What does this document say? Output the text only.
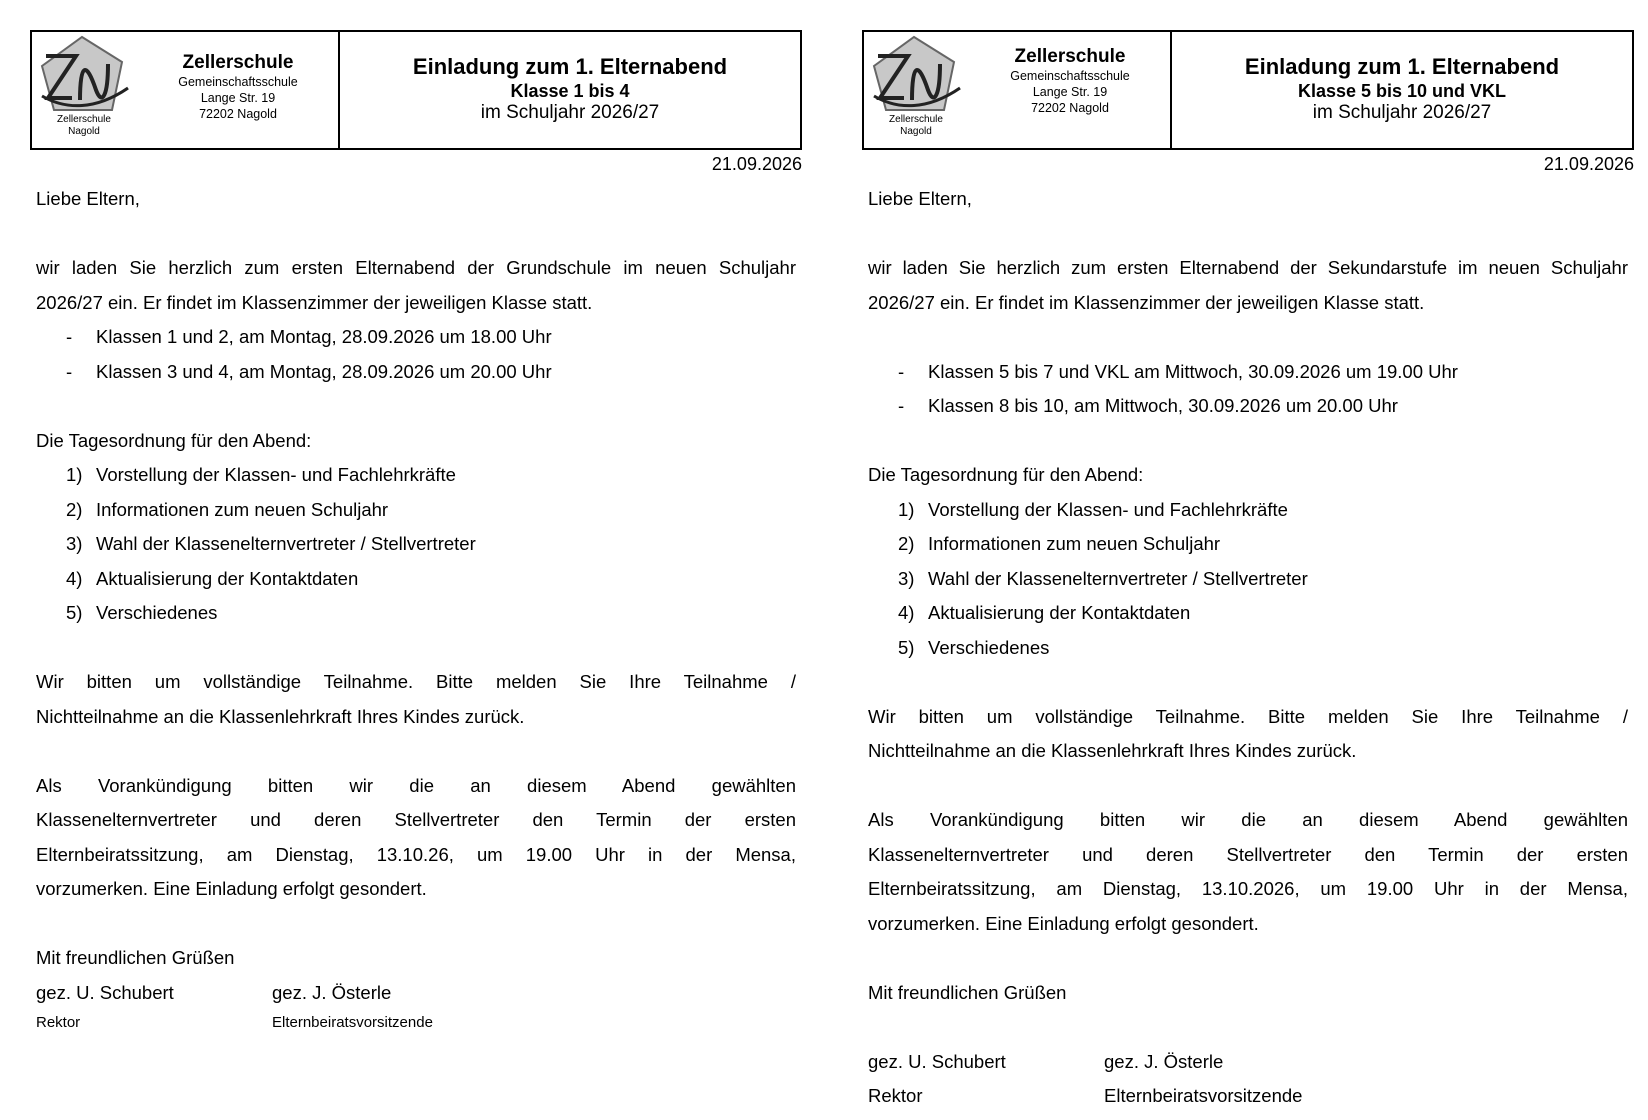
Zellerschule
Nagold
Zellerschule
Gemeinschaftsschule
Lange Str. 19
72202 Nagold
Einladung zum 1. Elternabend
Klasse 1 bis 4
im Schuljahr 2026/27
21.09.2026

Liebe Eltern,

wir laden Sie herzlich zum ersten Elternabend der Grundschule im neuen Schuljahr

2026/27 ein. Er findet im Klassenzimmer der jeweiligen Klasse statt.

-	Klassen 1 und 2, am Montag, 28.09.2026 um 18.00 Uhr
-	Klassen 3 und 4, am Montag, 28.09.2026 um 20.00 Uhr

Die Tagesordnung für den Abend:

1) Vorstellung der Klassen- und Fachlehrkräfte
2) Informationen zum neuen Schuljahr
3) Wahl der Klassenelternvertreter / Stellvertreter
4) Aktualisierung der Kontaktdaten
5) Verschiedenes

Wir bitten um vollständige Teilnahme. Bitte melden Sie Ihre Teilnahme /

Nichtteilnahme an die Klassenlehrkraft Ihres Kindes zurück.

Als Vorankündigung bitten wir die an diesem Abend gewählten

Klassenelternvertreter und deren Stellvertreter den Termin der ersten

Elternbeiratssitzung, am Dienstag, 13.10.26, um 19.00 Uhr in der Mensa,

vorzumerken. Eine Einladung erfolgt gesondert.

Mit freundlichen Grüßen

gez. U. Schubert	gez. J. Österle
Rektor	Elternbeiratsvorsitzende
Zellerschule
Nagold
Zellerschule
Gemeinschaftsschule
Lange Str. 19
72202 Nagold
Einladung zum 1. Elternabend
Klasse 5 bis 10 und VKL
im Schuljahr 2026/27
21.09.2026

Liebe Eltern,

wir laden Sie herzlich zum ersten Elternabend der Sekundarstufe im neuen Schuljahr

2026/27 ein. Er findet im Klassenzimmer der jeweiligen Klasse statt.

-	Klassen 5 bis 7 und VKL am Mittwoch, 30.09.2026 um 19.00 Uhr
-	Klassen 8 bis 10, am Mittwoch, 30.09.2026 um 20.00 Uhr

Die Tagesordnung für den Abend:

1) Vorstellung der Klassen- und Fachlehrkräfte
2) Informationen zum neuen Schuljahr
3) Wahl der Klassenelternvertreter / Stellvertreter
4) Aktualisierung der Kontaktdaten
5) Verschiedenes

Wir bitten um vollständige Teilnahme. Bitte melden Sie Ihre Teilnahme /

Nichtteilnahme an die Klassenlehrkraft Ihres Kindes zurück.

Als Vorankündigung bitten wir die an diesem Abend gewählten

Klassenelternvertreter und deren Stellvertreter den Termin der ersten

Elternbeiratssitzung, am Dienstag, 13.10.2026, um 19.00 Uhr in der Mensa,

vorzumerken. Eine Einladung erfolgt gesondert.

Mit freundlichen Grüßen

gez. U. Schubert	gez. J. Österle
Rektor	Elternbeiratsvorsitzende
